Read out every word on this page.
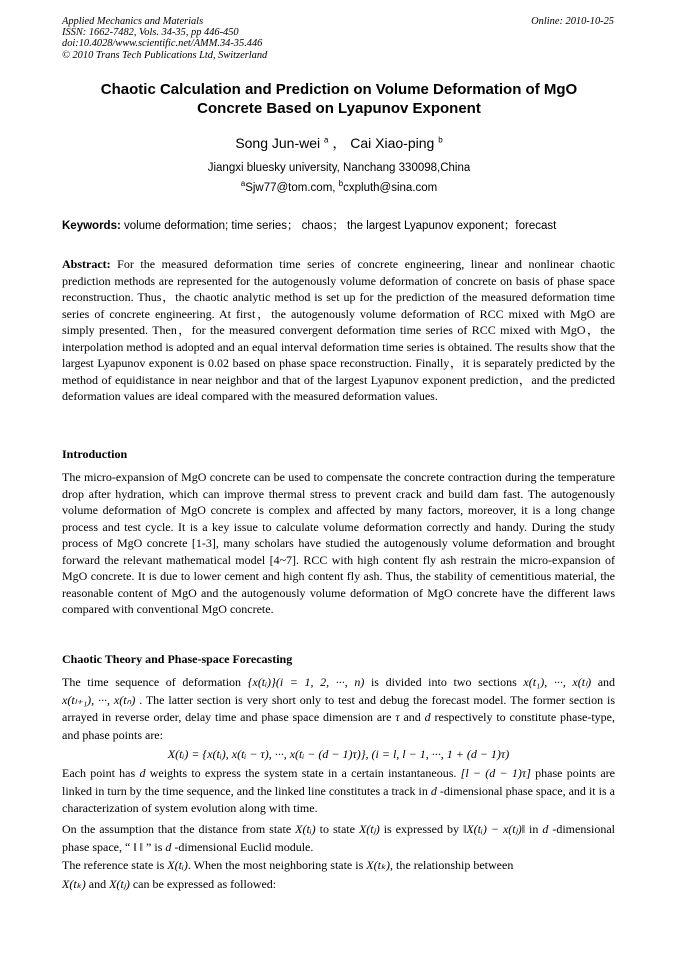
Applied Mechanics and Materials
ISSN: 1662-7482, Vols. 34-35, pp 446-450
doi:10.4028/www.scientific.net/AMM.34-35.446
© 2010 Trans Tech Publications Ltd, Switzerland
Online: 2010-10-25
Chaotic Calculation and Prediction on Volume Deformation of MgO
Concrete Based on Lyapunov Exponent
Song Jun-wei $^a$ ， Cai Xiao-ping $^b$
Jiangxi bluesky university, Nanchang 330098,China
$^a$Sjw77@tom.com, $^b$cxpluth@sina.com
Keywords: volume deformation; time series； chaos； the largest Lyapunov exponent；forecast
Abstract: For the measured deformation time series of concrete engineering, linear and nonlinear chaotic prediction methods are represented for the autogenously volume deformation of concrete on basis of phase space reconstruction. Thus，the chaotic analytic method is set up for the prediction of the measured deformation time series of concrete engineering. At first，the autogenously volume deformation of RCC mixed with MgO are simply presented. Then，for the measured convergent deformation time series of RCC mixed with MgO，the interpolation method is adopted and an equal interval deformation time series is obtained. The results show that the largest Lyapunov exponent is 0.02 based on phase space reconstruction. Finally，it is separately predicted by the method of equidistance in near neighbor and that of the largest Lyapunov exponent prediction，and the predicted deformation values are ideal compared with the measured deformation values.
Introduction
The micro-expansion of MgO concrete can be used to compensate the concrete contraction during the temperature drop after hydration, which can improve thermal stress to prevent crack and build dam fast. The autogenously volume deformation of MgO concrete is complex and affected by many factors, moreover, it is a long change process and test cycle. It is a key issue to calculate volume deformation correctly and handy. During the study process of MgO concrete [1-3], many scholars have studied the autogenously volume deformation and brought forward the relevant mathematical model [4~7]. RCC with high content fly ash restrain the micro-expansion of MgO concrete. It is due to lower cement and high content fly ash. Thus, the stability of cementitious material, the reasonable content of MgO and the autogenously volume deformation of MgO concrete have the different laws compared with conventional MgO concrete.
Chaotic Theory and Phase-space Forecasting
The time sequence of deformation {x(tᵢ)}(i = 1, 2, ···, n) is divided into two sections x(t₁), ···, x(tₗ) and x(tₗ₊₁), ···, x(tₙ) . The latter section is very short only to test and debug the forecast model. The former section is arrayed in reverse order, delay time and phase space dimension are τ and d respectively to constitute phase-type, and phase points are:
X(tᵢ) = {x(tᵢ), x(tᵢ − τ), ···, x(tᵢ − (d − 1)τ)}, (i = l, l − 1, ···, 1 + (d − 1)τ)
Each point has d weights to express the system state in a certain instantaneous. [l − (d − 1)τ] phase points are linked in turn by the time sequence, and the linked line constitutes a track in d -dimensional phase space, and it is a characterization of system evolution along with time.
On the assumption that the distance from state X(tᵢ) to state X(tⱼ) is expressed by ‖X(tᵢ) − x(tⱼ)‖ in d -dimensional phase space, “ ‖ ‖ ” is d -dimensional Euclid module.
The reference state is X(tᵢ). When the most neighboring state is X(tₖ), the relationship between
X(tₖ) and X(tⱼ) can be expressed as followed:
